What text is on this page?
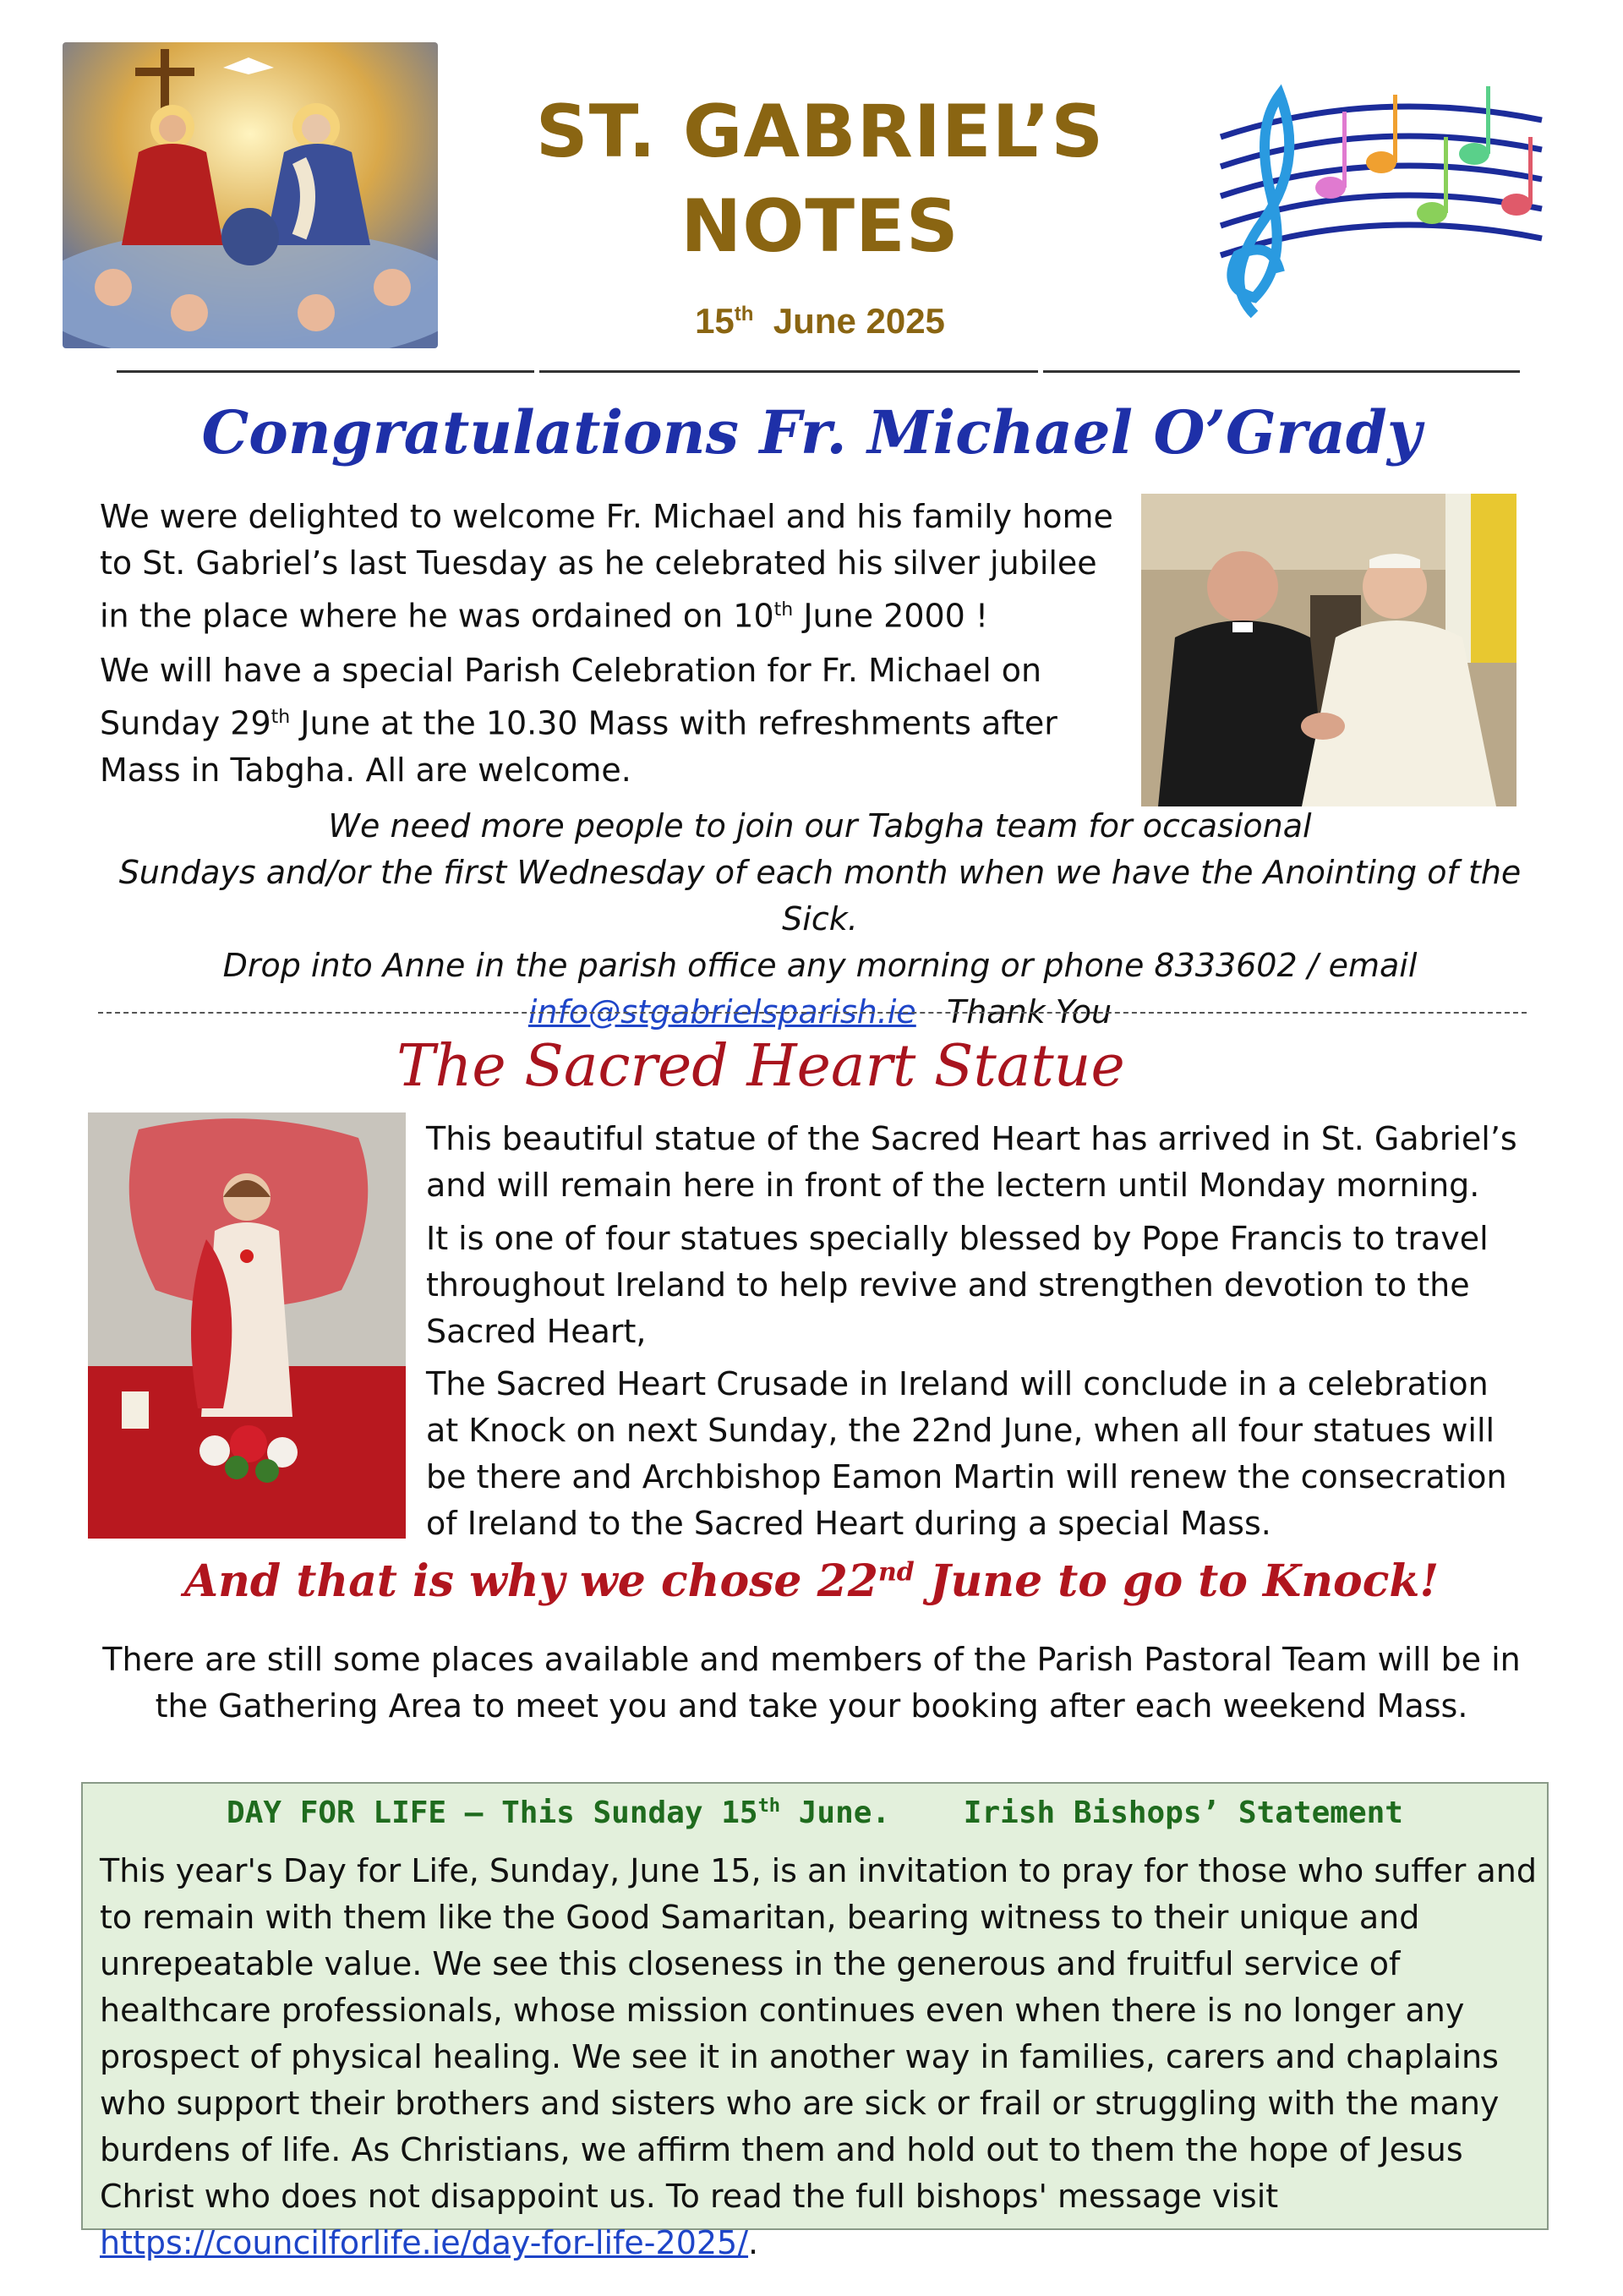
ST. GABRIEL’S
NOTES
15th June 2025
Congratulations Fr. Michael O’Grady
We were delighted to welcome Fr. Michael and his family home to St. Gabriel’s last Tuesday as he celebrated his silver jubilee in the place where he was ordained on 10th June 2000 !
We will have a special Parish Celebration for Fr. Michael on Sunday 29th June at the 10.30 Mass with refreshments after Mass in Tabgha. All are welcome.
We need more people to join our Tabgha team for occasional
Sundays and/or the first Wednesday of each month when we have the Anointing of the Sick.
Drop into Anne in the parish office any morning or phone 8333602 / email
info@stgabrielsparish.ie Thank You
The Sacred Heart Statue
This beautiful statue of the Sacred Heart has arrived in St. Gabriel’s and will remain here in front of the lectern until Monday morning.
It is one of four statues specially blessed by Pope Francis to travel throughout Ireland to help revive and strengthen devotion to the Sacred Heart,
The Sacred Heart Crusade in Ireland will conclude in a celebration at Knock on next Sunday, the 22nd June, when all four statues will be there and Archbishop Eamon Martin will renew the consecration of Ireland to the Sacred Heart during a special Mass.
And that is why we chose 22nd June to go to Knock!
There are still some places available and members of the Parish Pastoral Team will be in the Gathering Area to meet you and take your booking after each weekend Mass.
DAY FOR LIFE – This Sunday 15th June.    Irish Bishops’ Statement
This year's Day for Life, Sunday, June 15, is an invitation to pray for those who suffer and to remain with them like the Good Samaritan, bearing witness to their unique and unrepeatable value. We see this closeness in the generous and fruitful service of healthcare professionals, whose mission continues even when there is no longer any prospect of physical healing. We see it in another way in families, carers and chaplains who support their brothers and sisters who are sick or frail or struggling with the many burdens of life. As Christians, we affirm them and hold out to them the hope of Jesus Christ who does not disappoint us. To read the full bishops' message visit https://councilforlife.ie/day-for-life-2025/.
